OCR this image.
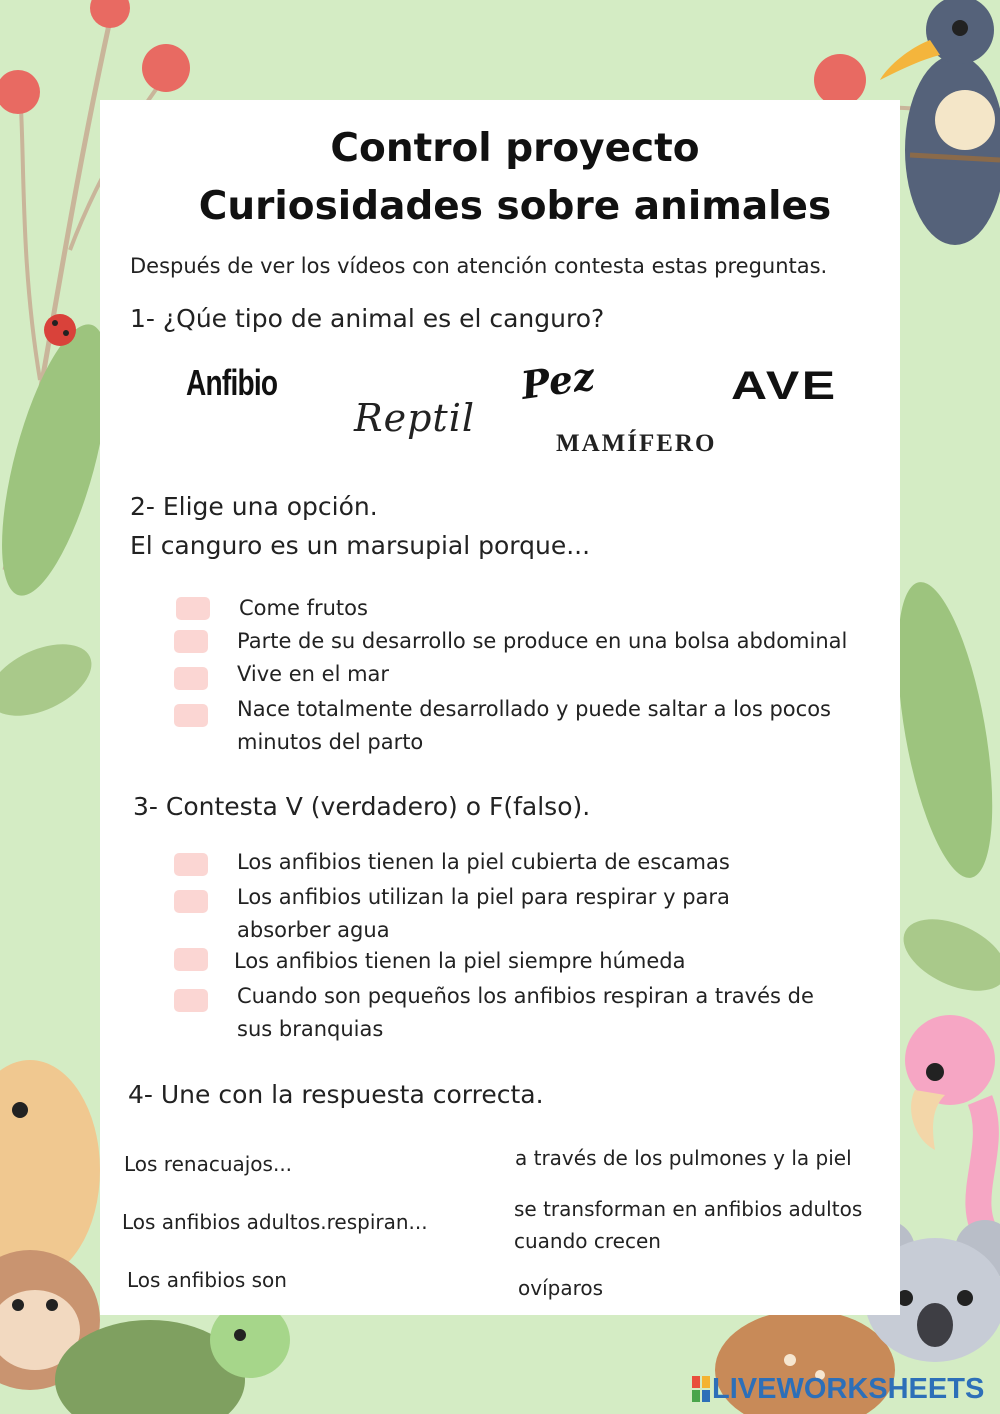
Control proyecto
Curiosidades sobre animales
Después de ver los vídeos con atención contesta estas preguntas.
1- ¿Qúe tipo de animal es el canguro?
Anfibio
Reptil
Pez	AVE
MAMÍFERO
2- Elige una opción.
El canguro es un marsupial porque...
Come frutos
Parte de su desarrollo se produce en una bolsa abdominal
Vive en el mar
Nace totalmente desarrollado y puede saltar a los pocos
minutos del parto
3- Contesta V (verdadero) o F(falso).
Los anfibios tienen la piel cubierta de escamas
Los anfibios utilizan la piel para respirar y para
absorber agua
Los anfibios tienen la piel siempre húmeda
Cuando son pequeños los anfibios respiran a través de
sus branquias
4- Une con la respuesta correcta.
Los renacuajos...
Los anfibios adultos.respiran...
Los anfibios son
a través de los pulmones y la piel
se transforman en anfibios adultos
cuando crecen
ovíparos
LIVEWORKSHEETS
